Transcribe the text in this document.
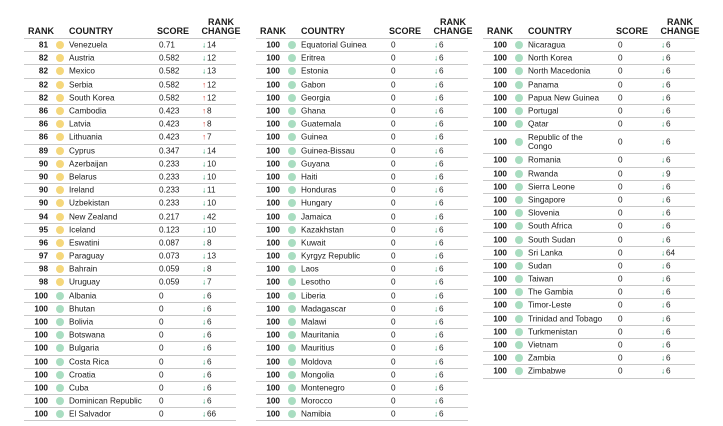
RANK COUNTRY	SCORE
RANK
CHANGE
81	Venezuela	0.71	↓14
82	Austria	0.582	↓12
82	Mexico	0.582	↓13
82	Serbia	0.582	↑12
82	South Korea	0.582	↑12
86	Cambodia	0.423	↑8
86	Latvia	0.423	↑8
86	Lithuania	0.423	↑7
89	Cyprus	0.347	↓14
90	Azerbaijan	0.233	↓10
90	Belarus	0.233	↓10
90	Ireland	0.233	↓11
90	Uzbekistan	0.233	↓10
94	New Zealand	0.217	↓42
95	Iceland	0.123	↓10
96	Eswatini	0.087	↓8
97	Paraguay	0.073	↓13
98	Bahrain	0.059	↓8
98	Uruguay	0.059	↓7
100	Albania	0	↓6
100	Bhutan	0	↓6
100	Bolivia	0	↓6
100	Botswana	0	↓6
100	Bulgaria	0	↓6
100	Costa Rica	0	↓6
100	Croatia	0	↓6
100	Cuba	0	↓6
100	Dominican Republic 0	↓6
100	El Salvador	0	↓66
RANK COUNTRY	SCORE
RANK
CHANGE
100	Equatorial Guinea	0	↓6
100	Eritrea	0	↓6
100	Estonia	0	↓6
100	Gabon	0	↓6
100	Georgia	0	↓6
100	Ghana	0	↓6
100	Guatemala	0	↓6
100	Guinea	0	↓6
100	Guinea-Bissau	0	↓6
100	Guyana	0	↓6
100	Haiti	0	↓6
100	Honduras	0	↓6
100	Hungary	0	↓6
100	Jamaica	0	↓6
100	Kazakhstan	0	↓6
100	Kuwait	0	↓6
100	Kyrgyz Republic	0	↓6
100	Laos	0	↓6
100	Lesotho	0	↓6
100	Liberia	0	↓6
100	Madagascar	0	↓6
100	Malawi	0	↓6
100	Mauritania	0	↓6
100	Mauritius	0	↓6
100	Moldova	0	↓6
100	Mongolia	0	↓6
100	Montenegro	0	↓6
100	Morocco	0	↓6
100	Namibia	0	↓6
RANK COUNTRY	SCORE
RANK
CHANGE
100	Nicaragua	0	↓6
100	North Korea	0	↓6
100	North Macedonia	0	↓6
100	Panama	0	↓6
100	Papua New Guinea 0	↓6
100	Portugal	0	↓6
100	Qatar	0	↓6
100	Republic of the Congo	0	↓6
100	Romania	0	↓6
100	Rwanda	0	↓9
100	Sierra Leone	0	↓6
100	Singapore	0	↓6
100	Slovenia	0	↓6
100	South Africa	0	↓6
100	South Sudan	0	↓6
100	Sri Lanka	0	↓64
100	Sudan	0	↓6
100	Taiwan	0	↓6
100	The Gambia	0	↓6
100	Timor-Leste	0	↓6
100	Trinidad and Tobago 0	↓6
100	Turkmenistan	0	↓6
100	Vietnam	0	↓6
100	Zambia	0	↓6
100	Zimbabwe	0	↓6
